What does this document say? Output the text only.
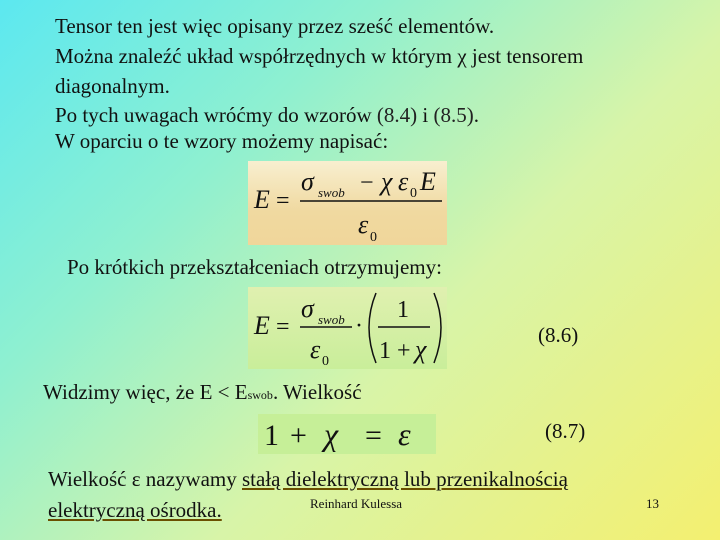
Tensor ten jest więc opisany przez sześć elementów.
Można znaleźć układ współrzędnych w którym χ jest tensorem
diagonalnym.
Po tych uwagach wróćmy do wzorów (8.4) i (8.5).
W oparciu o te wzory możemy napisać:
E =
σ swob − χ ε 0 E
ε 0
Po krótkich przekształceniach otrzymujemy:
E =
σ swob
ε 0
·
1
1 +
χ	(8.6)
Widzimy więc, że E < Eswob. Wielkość
1 + χ = ε	(8.7)
Wielkość ε nazywamy stałą dielektryczną lub przenikalnością
elektryczną ośrodka.	Reinhard Kulessa	13
